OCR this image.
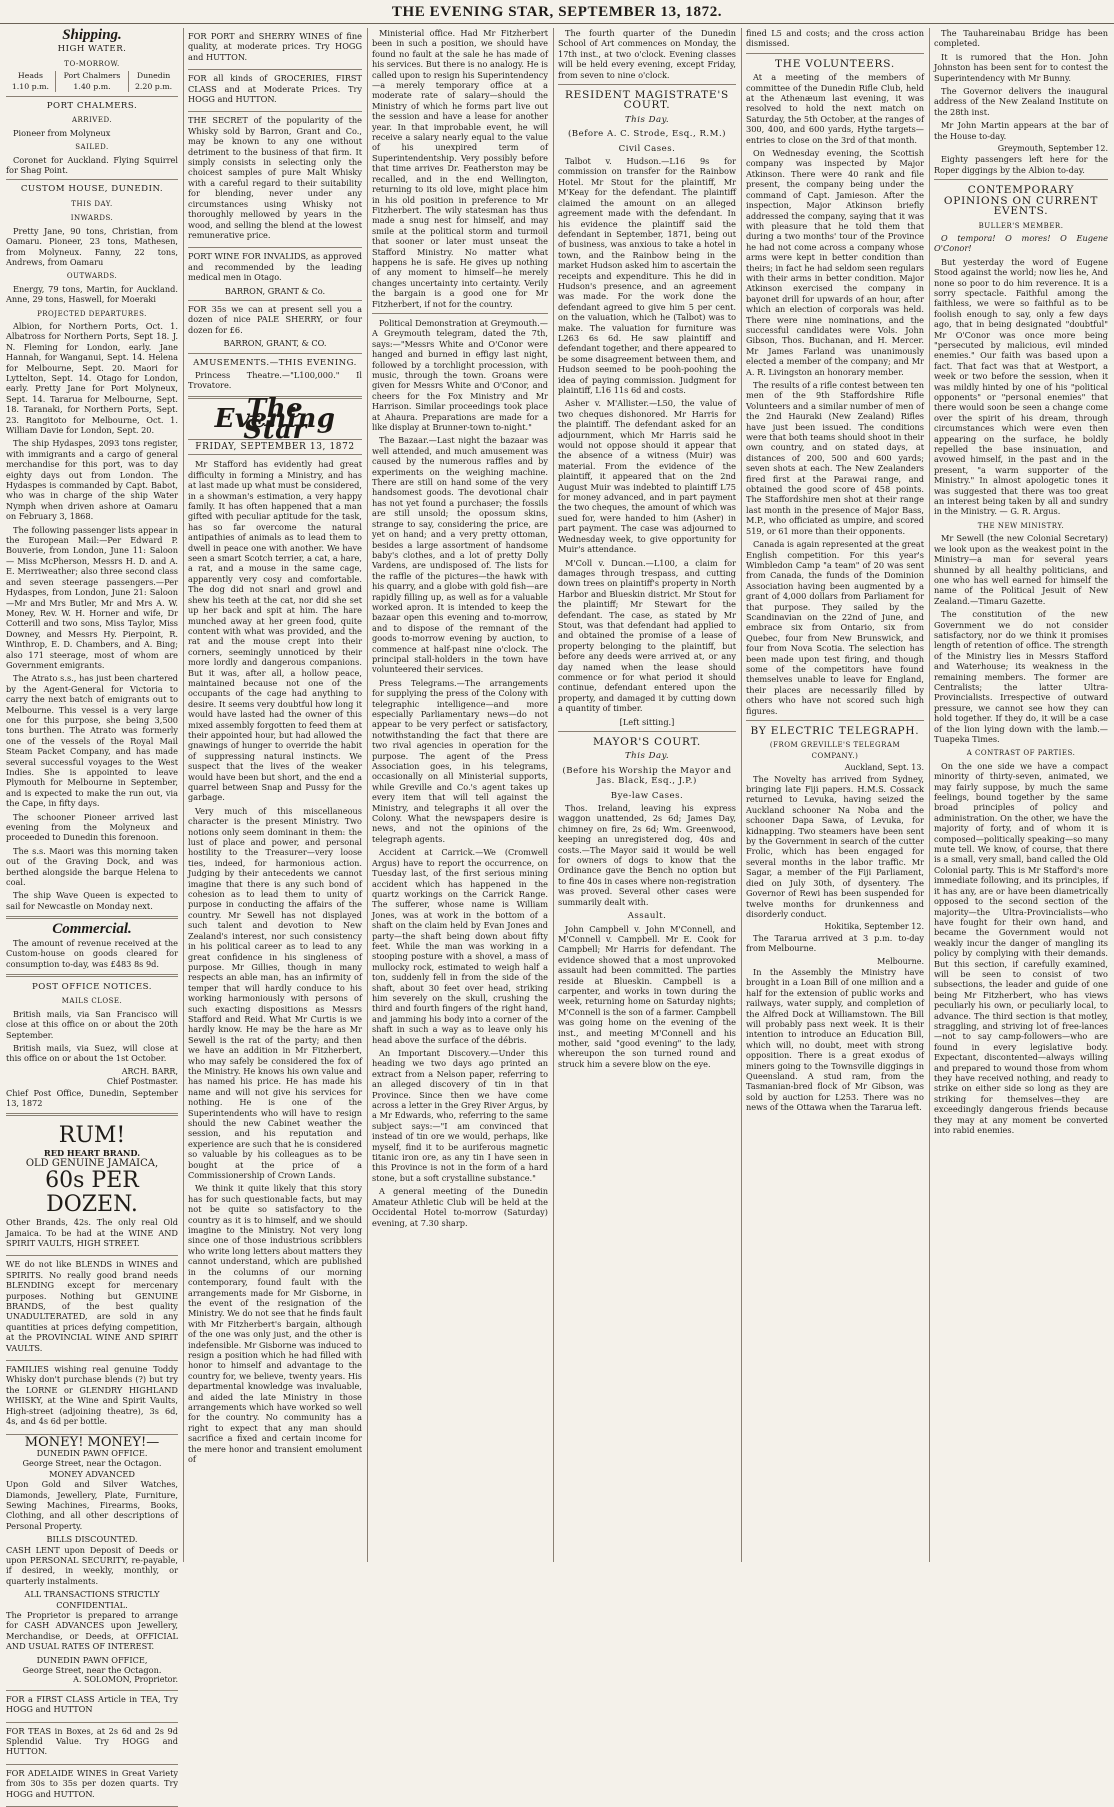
THE EVENING STAR, SEPTEMBER 13, 1872.
Shipping.
HIGH WATER.
TO-MORROW.
Heads	Port Chalmers	Dunedin
1.10 p.m.	1.40 p.m.	2.20 p.m.
PORT CHALMERS.
ARRIVED.

Pioneer from Molyneux

SAILED.

Coronet for Auckland. Flying Squirrel for Shag Point.

CUSTOM HOUSE, DUNEDIN.
THIS DAY.
INWARDS.

Pretty Jane, 90 tons, Christian, from Oamaru. Pioneer, 23 tons, Mathesen, from Molyneux. Fanny, 22 tons, Andrews, from Oamaru

OUTWARDS.

Energy, 79 tons, Martin, for Auckland. Anne, 29 tons, Haswell, for Moeraki

PROJECTED DEPARTURES.

Albion, for Northern Ports, Oct. 1. Albatross for Northern Ports, Sept 18. J. N. Fleming for London, early. Jane Hannah, for Wanganui, Sept. 14. Helena for Melbourne, Sept. 20. Maori for Lyttelton, Sept. 14. Otago for London, early. Pretty Jane for Port Molyneux, Sept. 14. Tararua for Melbourne, Sept. 18. Taranaki, for Northern Ports, Sept. 23. Rangitoto for Melbourne, Oct. 1. William Davie for London, Sept. 20.

The ship Hydaspes, 2093 tons register, with immigrants and a cargo of general merchandise for this port, was to day eighty days out from London. The Hydaspes is commanded by Capt. Babot, who was in charge of the ship Water Nymph when driven ashore at Oamaru on February 3, 1868.

The following passenger lists appear in the European Mail:—Per Edward P. Bouverie, from London, June 11: Saloon — Miss McPherson, Messrs H. D. and A. E. Merriweather; also three second class and seven steerage passengers.—Per Hydaspes, from London, June 21: Saloon—Mr and Mrs Butler, Mr and Mrs A. W. Money, Rev. W. H. Horner and wife, Dr Cotterill and two sons, Miss Taylor, Miss Downey, and Messrs Hy. Pierpoint, R. Winthrop, E. D. Chambers, and A. Bing; also 171 steerage, most of whom are Government emigrants.

The Atrato s.s., has just been chartered by the Agent-General for Victoria to carry the next batch of emigrants out to Melbourne. This vessel is a very large one for this purpose, she being 3,500 tons burthen. The Atrato was formerly one of the vessels of the Royal Mail Steam Packet Company, and has made several successful voyages to the West Indies. She is appointed to leave Plymouth for Melbourne in September, and is expected to make the run out, via the Cape, in fifty days.

The schooner Pioneer arrived last evening from the Molyneux and proceeded to Dunedin this forenoon.

The s.s. Maori was this morning taken out of the Graving Dock, and was berthed alongside the barque Helena to coal.

The ship Wave Queen is expected to sail for Newcastle on Monday next.

Commercial.

The amount of revenue received at the Custom-house on goods cleared for consumption to-day, was £483 8s 9d.

POST OFFICE NOTICES.
MAILS CLOSE.

British mails, via San Francisco will close at this office on or about the 20th September.

British mails, via Suez, will close at this office on or about the 1st October.

ARCH. BARR,
Chief Postmaster.

Chief Post Office, Dunedin, September 13, 1872

RUM!
RED HEART BRAND.
OLD GENUINE JAMAICA,
60s PER DOZEN.

Other Brands, 42s. The only real Old Jamaica. To be had at the WINE AND SPIRIT VAULTS, HIGH STREET.

WE do not like BLENDS in WINES and SPIRITS. No really good brand needs BLENDING except for mercenary purposes. Nothing but GENUINE BRANDS, of the best quality UNADULTERATED, are sold in any quantities at prices defying competition, at the PROVINCIAL WINE AND SPIRIT VAULTS.

FAMILIES wishing real genuine Toddy Whisky don't purchase blends (?) but try the LORNE or GLENDRY HIGHLAND WHISKY, at the Wine and Spirit Vaults, High-street (adjoining theatre), 3s 6d, 4s, and 4s 6d per bottle.

MONEY! MONEY!—
DUNEDIN PAWN OFFICE.
George Street, near the Octagon.
MONEY ADVANCED

Upon Gold and Silver Watches, Diamonds, Jewellery, Plate, Furniture, Sewing Machines, Firearms, Books, Clothing, and all other descriptions of Personal Property.

BILLS DISCOUNTED.

CASH LENT upon Deposit of Deeds or upon PERSONAL SECURITY, re-payable, if desired, in weekly, monthly, or quarterly instalments.

ALL TRANSACTIONS STRICTLY CONFIDENTIAL.

The Proprietor is prepared to arrange for CASH ADVANCES upon Jewellery, Merchandise, or Deeds, at OFFICIAL AND USUAL RATES OF INTEREST.

DUNEDIN PAWN OFFICE,
George Street, near the Octagon.
A. SOLOMON, Proprietor.

FOR a FIRST CLASS Article in TEA, Try HOGG and HUTTON

FOR TEAS in Boxes, at 2s 6d and 2s 9d Splendid Value. Try HOGG and HUTTON.

FOR ADELAIDE WINES in Great Variety from 30s to 35s per dozen quarts. Try HOGG and HUTTON.

FOR PORT and SHERRY WINES of fine quality, at moderate prices. Try HOGG and HUTTON.

FOR all kinds of GROCERIES, FIRST CLASS and at Moderate Prices. Try HOGG and HUTTON.

THE SECRET of the popularity of the Whisky sold by Barron, Grant and Co., may be known to any one without detriment to the business of that firm. It simply consists in selecting only the choicest samples of pure Malt Whisky with a careful regard to their suitability for blending, never under any circumstances using Whisky not thoroughly mellowed by years in the wood, and selling the blend at the lowest remunerative price.

PORT WINE FOR INVALIDS, as approved and recommended by the leading medical men in Otago.

BARRON, GRANT & Co.

FOR 35s we can at present sell you a dozen of nice PALE SHERRY, or four dozen for £6.

BARRON, GRANT, & CO.
AMUSEMENTS.—THIS EVENING.

Princess Theatre.—"L100,000." Il Trovatore.

The Evening Star
FRIDAY, SEPTEMBER 13, 1872

Mr Stafford has evidently had great difficulty in forming a Ministry, and has at last made up what must be considered, in a showman's estimation, a very happy family. It has often happened that a man gifted with peculiar aptitude for the task, has so far overcome the natural antipathies of animals as to lead them to dwell in peace one with another. We have seen a smart Scotch terrier, a cat, a hare, a rat, and a mouse in the same cage, apparently very cosy and comfortable. The dog did not snarl and growl and shew his teeth at the cat, nor did she set up her back and spit at him. The hare munched away at her green food, quite content with what was provided, and the rat and the mouse crept into their corners, seemingly unnoticed by their more lordly and dangerous companions. But it was, after all, a hollow peace, maintained because not one of the occupants of the cage had anything to desire. It seems very doubtful how long it would have lasted had the owner of this mixed assembly forgotten to feed them at their appointed hour, but had allowed the gnawings of hunger to override the habit of suppressing natural instincts. We suspect that the lives of the weaker would have been but short, and the end a quarrel between Snap and Pussy for the garbage.

Very much of this miscellaneous character is the present Ministry. Two notions only seem dominant in them: the lust of place and power, and personal hostility to the Treasurer—very loose ties, indeed, for harmonious action. Judging by their antecedents we cannot imagine that there is any such bond of cohesion as to lead them to unity of purpose in conducting the affairs of the country. Mr Sewell has not displayed such talent and devotion to New Zealand's interest, nor such consistency in his political career as to lead to any great confidence in his singleness of purpose. Mr Gillies, though in many respects an able man, has an infirmity of temper that will hardly conduce to his working harmoniously with persons of such exacting dispositions as Messrs Stafford and Reid. What Mr Curtis is we hardly know. He may be the hare as Mr Sewell is the rat of the party; and then we have an addition in Mr Fitzherbert, who may safely be considered the fox of the Ministry. He knows his own value and has named his price. He has made his name and will not give his services for nothing. He is one of the Superintendents who will have to resign should the new Cabinet weather the session, and his reputation and experience are such that he is considered so valuable by his colleagues as to be bought at the price of a Commissionership of Crown Lands.

We think it quite likely that this story has for such questionable facts, but may not be quite so satisfactory to the country as it is to himself, and we should imagine to the Ministry. Not very long since one of those industrious scribblers who write long letters about matters they cannot understand, which are published in the columns of our morning contemporary, found fault with the arrangements made for Mr Gisborne, in the event of the resignation of the Ministry. We do not see that he finds fault with Mr Fitzherbert's bargain, although of the one was only just, and the other is indefensible. Mr Gisborne was induced to resign a position which he had filled with honor to himself and advantage to the country for, we believe, twenty years. His departmental knowledge was invaluable, and aided the late Ministry in those arrangements which have worked so well for the country. No community has a right to expect that any man should sacrifice a fixed and certain income for the mere honor and transient emolument of

Ministerial office. Had Mr Fitzherbert been in such a position, we should have found no fault at the sale he has made of his services. But there is no analogy. He is called upon to resign his Superintendency—a merely temporary office at a moderate rate of salary—should the Ministry of which he forms part live out the session and have a lease for another year. In that improbable event, he will receive a salary nearly equal to the value of his unexpired term of Superintendentship. Very possibly before that time arrives Dr. Featherston may be recalled, and in the end Wellington, returning to its old love, might place him in his old position in preference to Mr Fitzherbert. The wily statesman has thus made a snug nest for himself, and may smile at the political storm and turmoil that sooner or later must unseat the Stafford Ministry. No matter what happens he is safe. He gives up nothing of any moment to himself—he merely changes uncertainty into certainty. Verily the bargain is a good one for Mr Fitzherbert, if not for the country.

Political Demonstration at Greymouth.—A Greymouth telegram, dated the 7th, says:—"Messrs White and O'Conor were hanged and burned in effigy last night, followed by a torchlight procession, with music, through the town. Groans were given for Messrs White and O'Conor, and cheers for the Fox Ministry and Mr Harrison. Similar proceedings took place at Ahaura. Preparations are made for a like display at Brunner-town to-night."

The Bazaar.—Last night the bazaar was well attended, and much amusement was caused by the numerous raffles and by experiments on the weighing machine. There are still on hand some of the very handsomest goods. The devotional chair has not yet found a purchaser; the fossils are still unsold; the opossum skins, strange to say, considering the price, are yet on hand; and a very pretty ottoman, besides a large assortment of handsome baby's clothes, and a lot of pretty Dolly Vardens, are undisposed of. The lists for the raffle of the pictures—the hawk with his quarry, and a globe with gold fish—are rapidly filling up, as well as for a valuable worked apron. It is intended to keep the bazaar open this evening and to-morrow, and to dispose of the remnant of the goods to-morrow evening by auction, to commence at half-past nine o'clock. The principal stall-holders in the town have volunteered their services.

Press Telegrams.—The arrangements for supplying the press of the Colony with telegraphic intelligence—and more especially Parliamentary news—do not appear to be very perfect or satisfactory, notwithstanding the fact that there are two rival agencies in operation for the purpose. The agent of the Press Association goes, in his telegrams, occasionally on all Ministerial supports, while Greville and Co.'s agent takes up every item that will tell against the Ministry, and telegraphs it all over the Colony. What the newspapers desire is news, and not the opinions of the telegraph agents.

Accident at Carrick.—We (Cromwell Argus) have to report the occurrence, on Tuesday last, of the first serious mining accident which has happened in the quartz workings on the Carrick Range. The sufferer, whose name is William Jones, was at work in the bottom of a shaft on the claim held by Evan Jones and party—the shaft being down about fifty feet. While the man was working in a stooping posture with a shovel, a mass of mullocky rock, estimated to weigh half a ton, suddenly fell in from the side of the shaft, about 30 feet over head, striking him severely on the skull, crushing the third and fourth fingers of the right hand, and jamming his body into a corner of the shaft in such a way as to leave only his head above the surface of the débris.

An Important Discovery.—Under this heading we two days ago printed an extract from a Nelson paper, referring to an alleged discovery of tin in that Province. Since then we have come across a letter in the Grey River Argus, by a Mr Edwards, who, referring to the same subject says:—"I am convinced that instead of tin ore we would, perhaps, like myself, find it to be auriferous magnetic titanic iron ore, as any tin I have seen in this Province is not in the form of a hard stone, but a soft crystalline substance."

A general meeting of the Dunedin Amateur Athletic Club will be held at the Occidental Hotel to-morrow (Saturday) evening, at 7.30 sharp.

The fourth quarter of the Dunedin School of Art commences on Monday, the 17th inst., at two o'clock. Evening classes will be held every evening, except Friday, from seven to nine o'clock.

RESIDENT MAGISTRATE'S COURT.
This Day.
(Before A. C. Strode, Esq., R.M.)
Civil Cases.

Talbot v. Hudson.—L16 9s for commission on transfer for the Rainbow Hotel. Mr Stout for the plaintiff, Mr M'Keay for the defendant. The plaintiff claimed the amount on an alleged agreement made with the defendant. In his evidence the plaintiff said the defendant in September, 1871, being out of business, was anxious to take a hotel in town, and the Rainbow being in the market Hudson asked him to ascertain the receipts and expenditure. This he did in Hudson's presence, and an agreement was made. For the work done the defendant agreed to give him 5 per cent. on the valuation, which he (Talbot) was to make. The valuation for furniture was L263 6s 6d. He saw plaintiff and defendant together, and there appeared to be some disagreement between them, and Hudson seemed to be pooh-poohing the idea of paying commission. Judgment for plaintiff, L16 11s 6d and costs.

Asher v. M'Allister.—L50, the value of two cheques dishonored. Mr Harris for the plaintiff. The defendant asked for an adjournment, which Mr Harris said he would not oppose should it appear that the absence of a witness (Muir) was material. From the evidence of the plaintiff, it appeared that on the 2nd August Muir was indebted to plaintiff L75 for money advanced, and in part payment the two cheques, the amount of which was sued for, were handed to him (Asher) in part payment. The case was adjourned to Wednesday week, to give opportunity for Muir's attendance.

M'Coll v. Duncan.—L100, a claim for damages through trespass, and cutting down trees on plaintiff's property in North Harbor and Blueskin district. Mr Stout for the plaintiff; Mr Stewart for the defendant. The case, as stated by Mr Stout, was that defendant had applied to and obtained the promise of a lease of property belonging to the plaintiff, but before any deeds were arrived at, or any day named when the lease should commence or for what period it should continue, defendant entered upon the property, and damaged it by cutting down a quantity of timber.

[Left sitting.]
MAYOR'S COURT.
This Day.
(Before his Worship the Mayor and Jas. Black, Esq., J.P.)
Bye-law Cases.

Thos. Ireland, leaving his express waggon unattended, 2s 6d; James Day, chimney on fire, 2s 6d; Wm. Greenwood, keeping an unregistered dog, 40s and costs.—The Mayor said it would be well for owners of dogs to know that the Ordinance gave the Bench no option but to fine 40s in cases where non-registration was proved. Several other cases were summarily dealt with.

Assault.

John Campbell v. John M'Connell, and M'Connell v. Campbell. Mr E. Cook for Campbell; Mr Harris for defendant. The evidence showed that a most unprovoked assault had been committed. The parties reside at Blueskin. Campbell is a carpenter, and works in town during the week, returning home on Saturday nights; M'Connell is the son of a farmer. Campbell was going home on the evening of the inst., and meeting M'Connell and his mother, said "good evening" to the lady, whereupon the son turned round and struck him a severe blow on the eye.

fined L5 and costs; and the cross action dismissed.

THE VOLUNTEERS.

At a meeting of the members of committee of the Dunedin Rifle Club, held at the Athenæum last evening, it was resolved to hold the next match on Saturday, the 5th October, at the ranges of 300, 400, and 600 yards, Hythe targets—entries to close on the 3rd of that month.

On Wednesday evening, the Scottish company was inspected by Major Atkinson. There were 40 rank and file present, the company being under the command of Capt. Jamieson. After the inspection, Major Atkinson briefly addressed the company, saying that it was with pleasure that he told them that during a two months' tour of the Province he had not come across a company whose arms were kept in better condition than theirs; in fact he had seldom seen regulars with their arms in better condition. Major Atkinson exercised the company in bayonet drill for upwards of an hour, after which an election of corporals was held. There were nine nominations, and the successful candidates were Vols. John Gibson, Thos. Buchanan, and H. Mercer. Mr James Farland was unanimously elected a member of the company; and Mr A. R. Livingston an honorary member.

The results of a rifle contest between ten men of the 9th Staffordshire Rifle Volunteers and a similar number of men of the 2nd Hauraki (New Zealand) Rifles have just been issued. The conditions were that both teams should shoot in their own country, and on stated days, at distances of 200, 500 and 600 yards; seven shots at each. The New Zealanders fired first at the Parawai range, and obtained the good score of 458 points. The Staffordshire men shot at their range last month in the presence of Major Bass, M.P., who officiated as umpire, and scored 519, or 61 more than their opponents.

Canada is again represented at the great English competition. For this year's Wimbledon Camp "a team" of 20 was sent from Canada, the funds of the Dominion Association having been augmented by a grant of 4,000 dollars from Parliament for that purpose. They sailed by the Scandinavian on the 22nd of June, and embrace six from Ontario, six from Quebec, four from New Brunswick, and four from Nova Scotia. The selection has been made upon test firing, and though some of the competitors have found themselves unable to leave for England, their places are necessarily filled by others who have not scored such high figures.

BY ELECTRIC TELEGRAPH.
(FROM GREVILLE'S TELEGRAM COMPANY.)
Auckland, Sept. 13.

The Novelty has arrived from Sydney, bringing late Fiji papers. H.M.S. Cossack returned to Levuka, having seized the Auckland schooner Na Noba and the schooner Dapa Sawa, of Levuka, for kidnapping. Two steamers have been sent by the Government in search of the cutter Frolic, which has been engaged for several months in the labor traffic. Mr Sagar, a member of the Fiji Parliament, died on July 30th, of dysentery. The Governor of Rewi has been suspended for twelve months for drunkenness and disorderly conduct.

Hokitika, September 12.

The Tararua arrived at 3 p.m. to-day from Melbourne.

Melbourne.

In the Assembly the Ministry have brought in a Loan Bill of one million and a half for the extension of public works and railways, water supply, and completion of the Alfred Dock at Williamstown. The Bill will probably pass next week. It is their intention to introduce an Education Bill, which will, no doubt, meet with strong opposition. There is a great exodus of miners going to the Townsville diggings in Queensland. A stud ram, from the Tasmanian-bred flock of Mr Gibson, was sold by auction for L253. There was no news of the Ottawa when the Tararua left.

The Tauhareinabau Bridge has been completed.

It is rumored that the Hon. John Johnston has been sent for to contest the Superintendency with Mr Bunny.

The Governor delivers the inaugural address of the New Zealand Institute on the 28th inst.

Mr John Martin appears at the bar of the House to-day.

Greymouth, September 12.

Eighty passengers left here for the Roper diggings by the Albion to-day.

CONTEMPORARY OPINIONS ON CURRENT EVENTS.
BULLER'S MEMBER.

O tempora! O mores! O Eugene O'Conor!

But yesterday the word of Eugene Stood against the world; now lies he, And none so poor to do him reverence. It is a sorry spectacle. Faithful among the faithless, we were so faithful as to be foolish enough to say, only a few days ago, that in being designated "doubtful" Mr O'Conor was once more being "persecuted by malicious, evil minded enemies." Our faith was based upon a fact. That fact was that at Westport, a week or two before the session, when it was mildly hinted by one of his "political opponents" or "personal enemies" that there would soon be seen a change come over the spirit of his dream, through circumstances which were even then appearing on the surface, he boldly repelled the base insinuation, and avowed himself, in the past and in the present, "a warm supporter of the Ministry." In almost apologetic tones it was suggested that there was too great an interest being taken by all and sundry in the Ministry. — G. R. Argus.

THE NEW MINISTRY.

Mr Sewell (the new Colonial Secretary) we look upon as the weakest point in the Ministry—a man for several years shunned by all healthy politicians, and one who has well earned for himself the name of the Political Jesuit of New Zealand.—Timaru Gazette.

The constitution of the new Government we do not consider satisfactory, nor do we think it promises length of retention of office. The strength of the Ministry lies in Messrs Stafford and Waterhouse; its weakness in the remaining members. The former are Centralists; the latter Ultra-Provincialists. Irrespective of outward pressure, we cannot see how they can hold together. If they do, it will be a case of the lion lying down with the lamb.—Tuapeka Times.

A CONTRAST OF PARTIES.

On the one side we have a compact minority of thirty-seven, animated, we may fairly suppose, by much the same feelings, bound together by the same broad principles of policy and administration. On the other, we have the majority of forty, and of whom it is composed—politically speaking—so many mute tell. We know, of course, that there is a small, very small, band called the Old Colonial party. This is Mr Stafford's more immediate following, and its principles, if it has any, are or have been diametrically opposed to the second section of the majority—the Ultra-Provincialists—who have fought for their own hand, and became the Government would not weakly incur the danger of mangling its policy by complying with their demands. But this section, if carefully examined, will be seen to consist of two subsections, the leader and guide of one being Mr Fitzherbert, who has views peculiarly his own, or peculiarly local, to advance. The third section is that motley, straggling, and striving lot of free-lances—not to say camp-followers—who are found in every legislative body. Expectant, discontented—always willing and prepared to wound those from whom they have received nothing, and ready to strike on either side so long as they are striking for themselves—they are exceedingly dangerous friends because they may at any moment be converted into rabid enemies.
